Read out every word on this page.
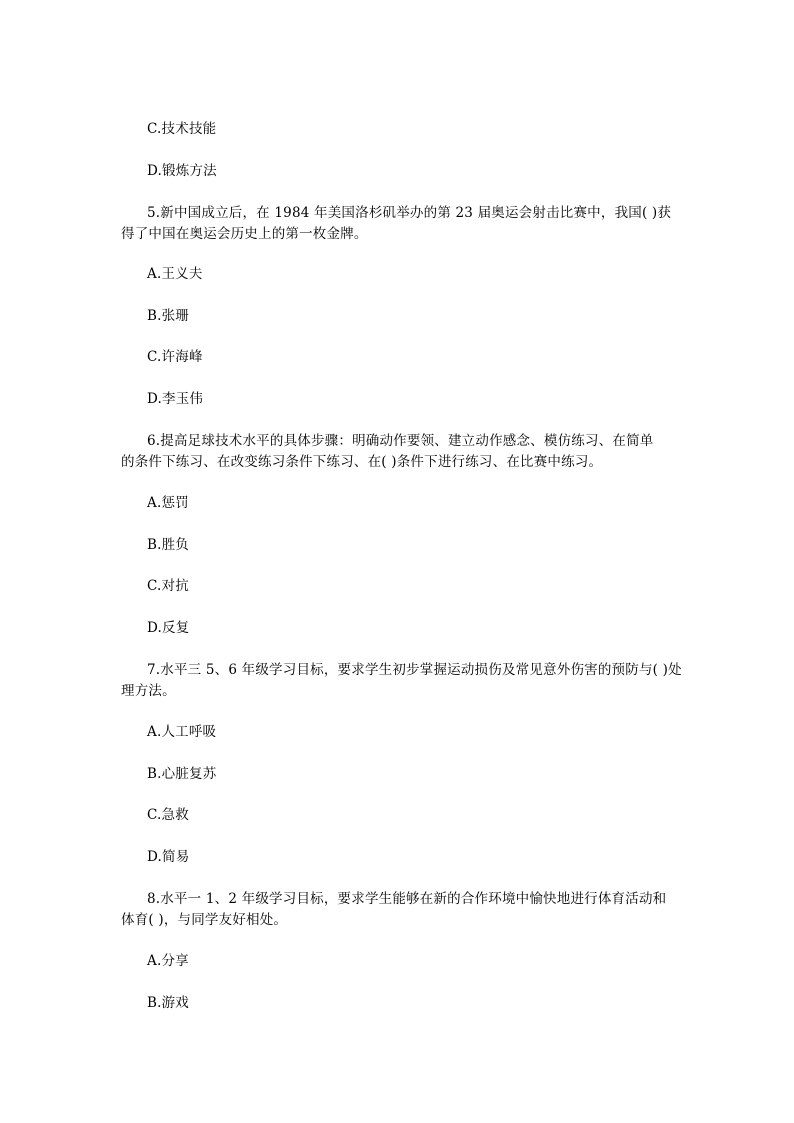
C.技术技能
D.锻炼方法
5.新中国成立后，在 1984 年美国洛杉矶举办的第 23 届奥运会射击比赛中，我国( )获
得了中国在奥运会历史上的第一枚金牌。
A.王义夫
B.张珊
C.许海峰
D.李玉伟
6.提高足球技术水平的具体步骤：明确动作要领、建立动作感念、模仿练习、在简单
的条件下练习、在改变练习条件下练习、在( )条件下进行练习、在比赛中练习。
A.惩罚
B.胜负
C.对抗
D.反复
7.水平三 5、6 年级学习目标，要求学生初步掌握运动损伤及常见意外伤害的预防与( )处
理方法。
A.人工呼吸
B.心脏复苏
C.急救
D.简易
8.水平一 1、2 年级学习目标，要求学生能够在新的合作环境中愉快地进行体育活动和
体育( )，与同学友好相处。
A.分享
B.游戏
